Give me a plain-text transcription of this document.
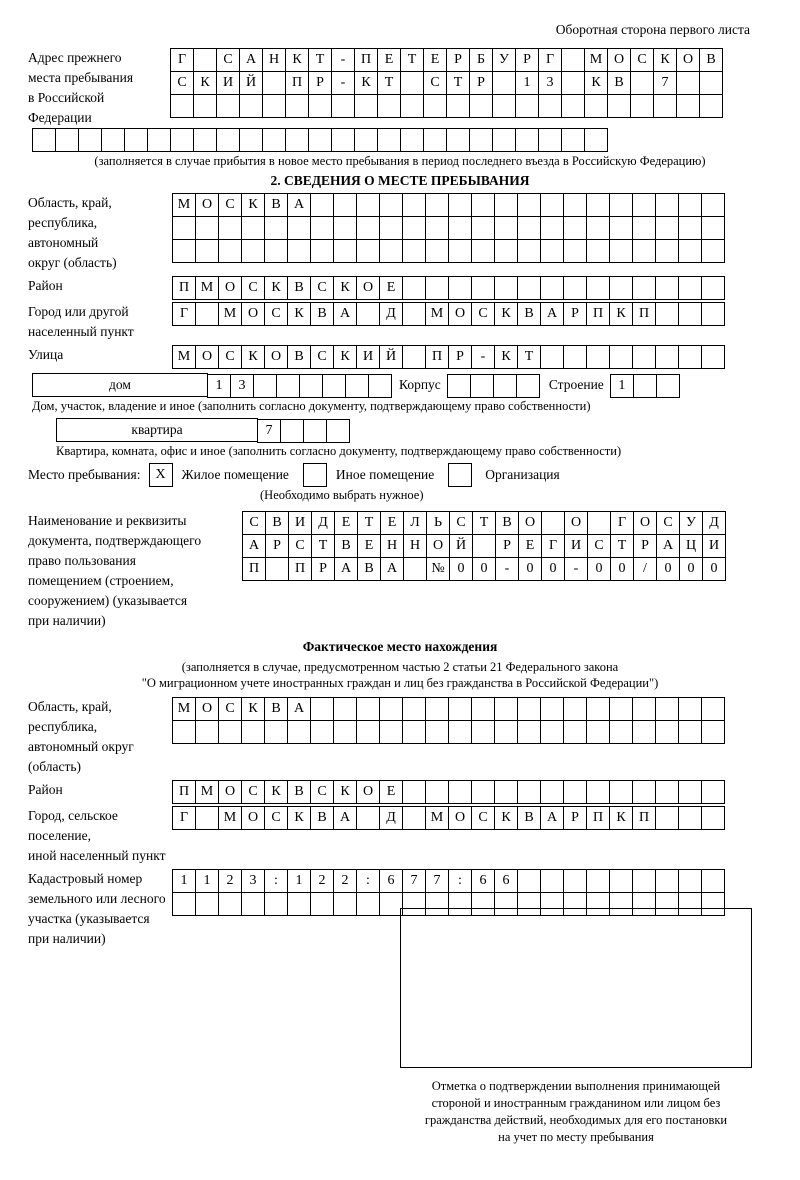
Оборотная сторона первого листа
Адрес прежнего
места пребывания
в Российской
Федерации
Г	С А Н К	Т	-	П Е	Т	Е	Р	Б	У	Р	Г	М О С К О В
С К И Й	П	Р	-	К	Т	С	Т	Р	1	3	К В	7
(заполняется в случае прибытия в новое место пребывания в период последнего въезда в Российскую Федерацию)
2. СВЕДЕНИЯ О МЕСТЕ ПРЕБЫВАНИЯ
Область, край,
республика,
автономный
округ (область)
М О С К В А
Район	П М О С К В С К О Е
Город или другой
населенный пункт
Г	М О С К В А	Д	М О С К В А	Р	П К П
Улица	М О С К О В С К И Й	П	Р	-	К	Т
дом	1	3	Корпус	Строение	1
Дом, участок, владение и иное (заполнить согласно документу, подтверждающему право собственности)
квартира	7
Квартира, комната, офис и иное (заполнить согласно документу, подтверждающему право собственности)
Место пребывания:	X	Жилое помещение	Иное помещение	Организация
(Необходимо выбрать нужное)
Наименование и реквизиты
документа, подтверждающего
право пользования
помещением (строением,
сооружением) (указывается
при наличии)
С В И Д Е	Т	Е Л	Ь	С	Т	В О	О	Г О С У Д
А	Р	С	Т	В	Е Н Н О Й	Р	Е	Г И С	Т	Р	А Ц И
П	П	Р	А В А	№ 0	0	-	0	0	-	0	0	/	0	0	0
Фактическое место нахождения
(заполняется в случае, предусмотренном частью 2 статьи 21 Федерального закона
"О миграционном учете иностранных граждан и лиц без гражданства в Российской Федерации")
Область, край,
республика,
автономный округ
(область)
М О С К В А
Район	П М О С К В С К О Е
Город, сельское поселение,
иной населенный пункт
Г	М О С К В А	Д	М О С К В А	Р	П К П
Кадастровый номер
земельного или лесного
участка (указывается
при наличии)
1	1	2	3	:	1	2	2	:	6	7	7	:	6	6
Отметка о подтверждении выполнения принимающей
стороной и иностранным гражданином или лицом без
гражданства действий, необходимых для его постановки
на учет по месту пребывания
